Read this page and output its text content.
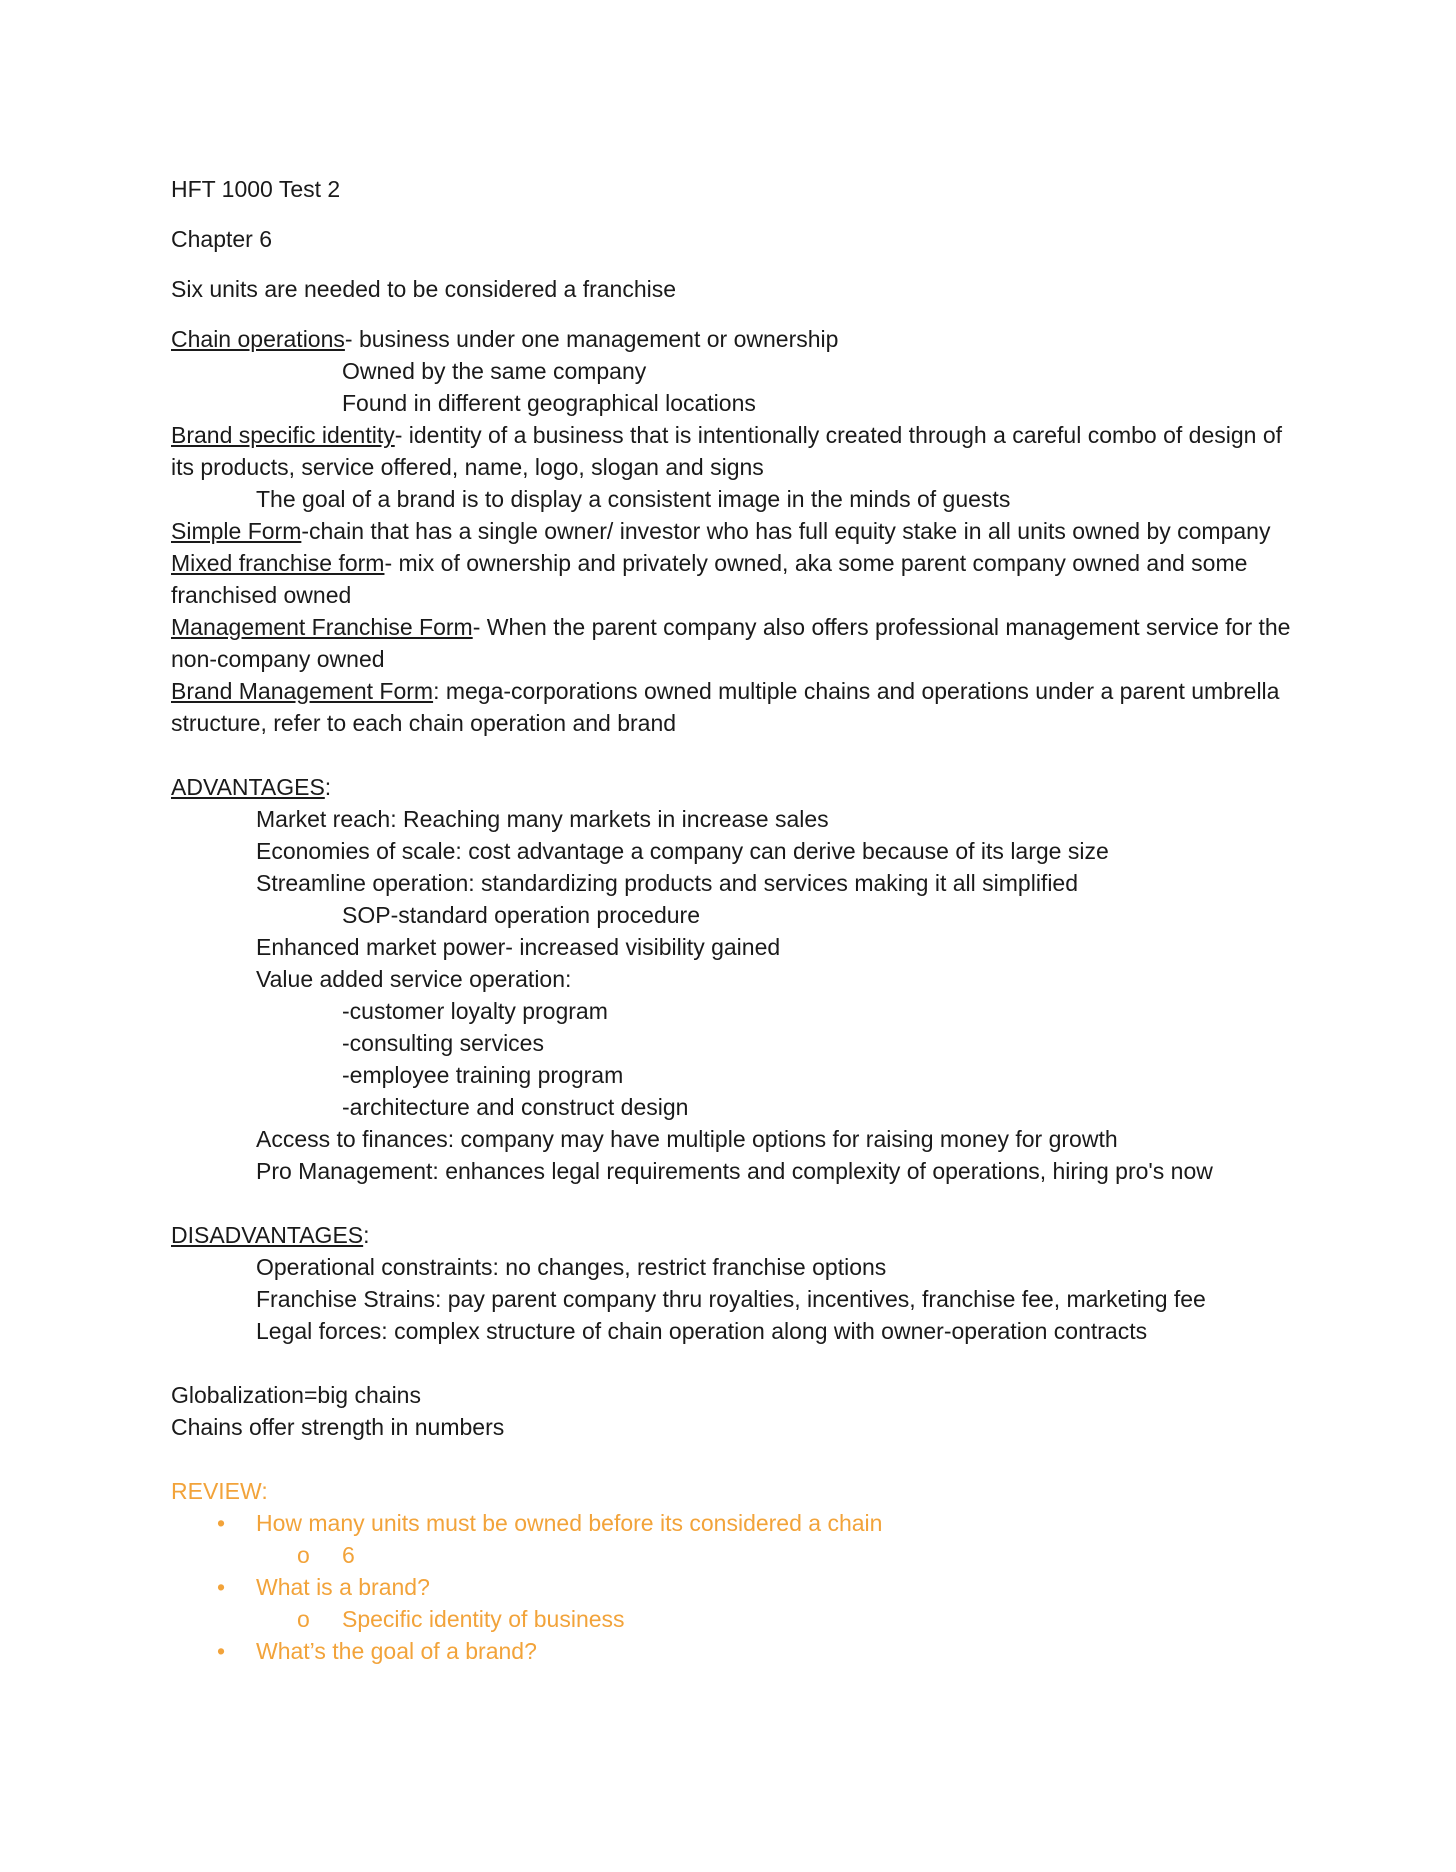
HFT 1000 Test 2
Chapter 6
Six units are needed to be considered a franchise
Chain operations- business under one management or ownership
Owned by the same company
Found in different geographical locations
Brand specific identity- identity of a business that is intentionally created through a careful combo of design of its products, service offered, name, logo, slogan and signs
The goal of a brand is to display a consistent image in the minds of guests
Simple Form-chain that has a single owner/ investor who has full equity stake in all units owned by company
Mixed franchise form- mix of ownership and privately owned, aka some parent company owned and some franchised owned
Management Franchise Form- When the parent company also offers professional management service for the non-company owned
Brand Management Form: mega-corporations owned multiple chains and operations under a parent umbrella structure, refer to each chain operation and brand
ADVANTAGES:
Market reach: Reaching many markets in increase sales
Economies of scale: cost advantage a company can derive because of its large size
Streamline operation: standardizing products and services making it all simplified
SOP-standard operation procedure
Enhanced market power- increased visibility gained
Value added service operation:
-customer loyalty program
-consulting services
-employee training program
-architecture and construct design
Access to finances: company may have multiple options for raising money for growth
Pro Management: enhances legal requirements and complexity of operations, hiring pro's now
DISADVANTAGES:
Operational constraints: no changes, restrict franchise options
Franchise Strains: pay parent company thru royalties, incentives, franchise fee, marketing fee
Legal forces: complex structure of chain operation along with owner-operation contracts
Globalization=big chains
Chains offer strength in numbers
REVIEW:
• How many units must be owned before its considered a chain
o 6
• What is a brand?
o Specific identity of business
• What’s the goal of a brand?
